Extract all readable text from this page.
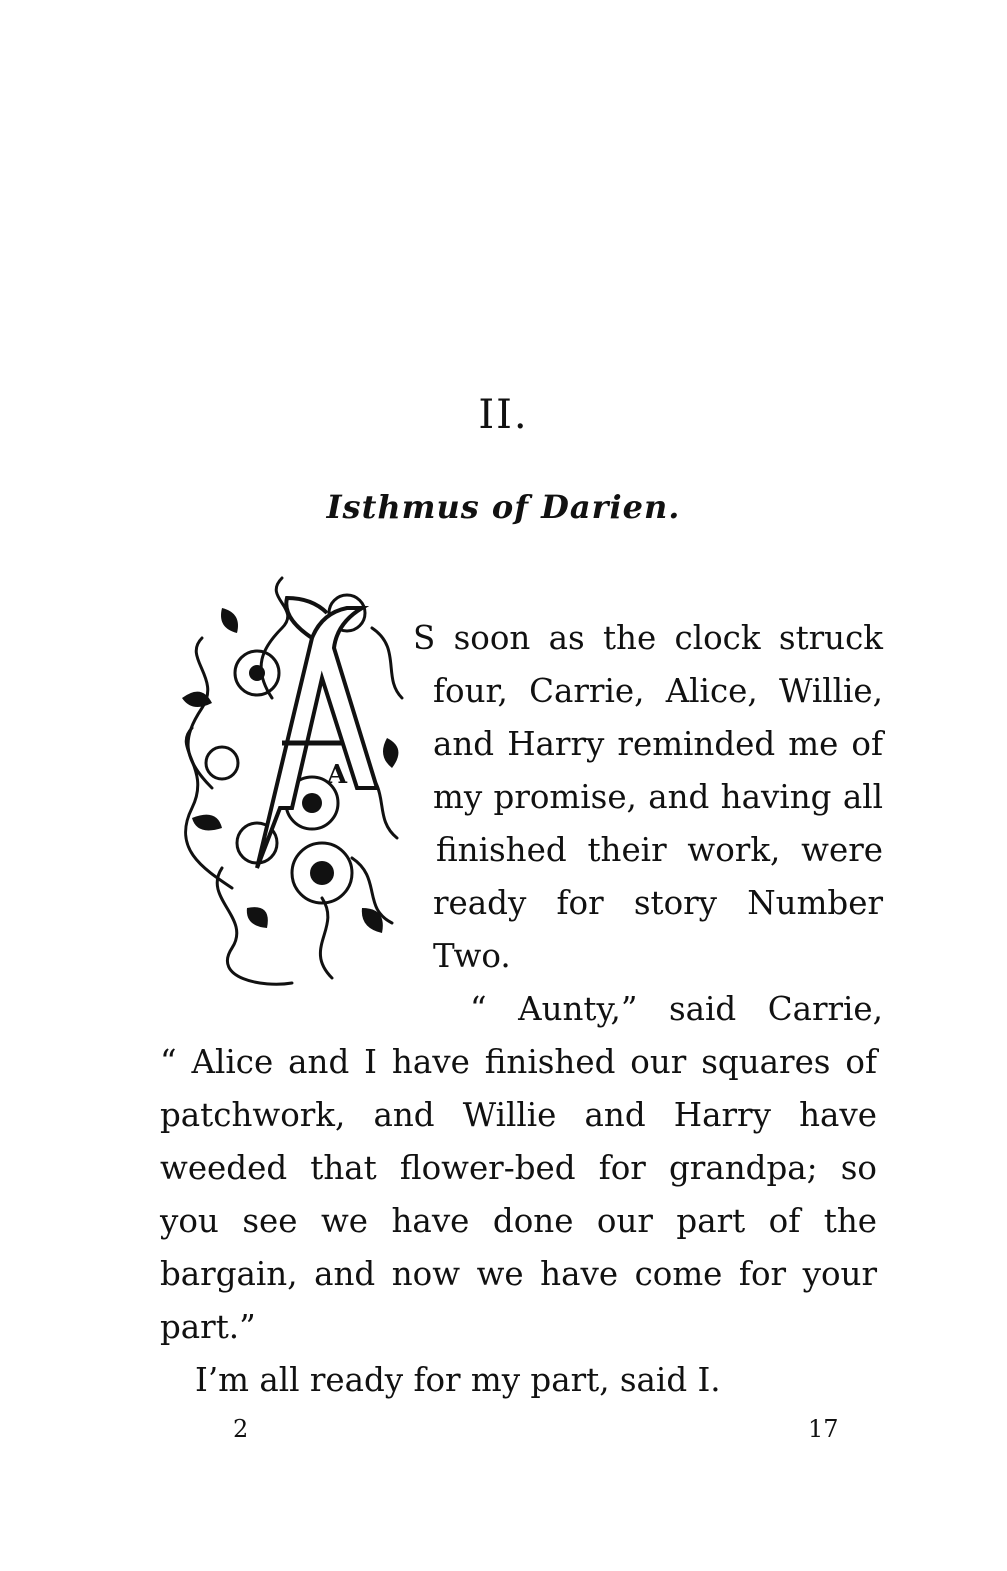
II.
Isthmus of Darien.
A
S soon as the clock struck
four, Carrie, Alice, Willie,
and Harry reminded me of
my promise, and having all
finished their work, were
ready for story Number
Two.
“ Aunty,” said Carrie,
“ Alice and I have finished our squares of
patchwork, and Willie and Harry have
weeded that flower-bed for grandpa; so
you see we have done our part of the
bargain, and now we have come for your
part.”
I’m all ready for my part, said I.
2	17
